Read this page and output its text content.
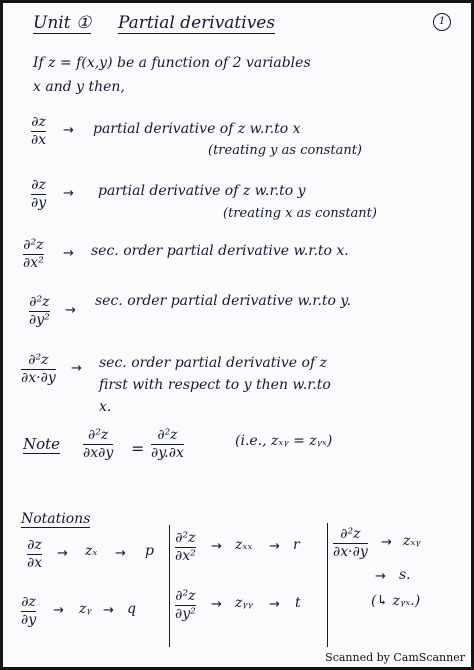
Unit ① Partial derivatives	1
If z = f(x,y) be a function of 2 variables
x and y then,
∂z
∂x
→ partial derivative of z w.r.to x
(treating y as constant)
∂z
∂y
→ partial derivative of z w.r.to y
(treating x as constant)
∂²z
∂x²
→ sec. order partial derivative w.r.to x.
∂²z
∂y²
→
sec. order partial derivative w.r.to y.
∂²z
∂x·∂y
→ sec. order partial derivative of z
first with respect to y then w.r.to
x.
Note ∂²z
∂x∂y =
∂²z
∂y.∂x
(i.e., zₓᵧ = zᵧₓ)
Notations
∂z
∂x
→ zₓ → p
∂z
∂y
→ zᵧ → q
∂²z
∂x²
→ zₓₓ → r
∂²z
∂y²
→ zᵧᵧ → t
∂²z
∂x·∂y
→ zₓᵧ
→ s.
(↳ zᵧₓ.)
Scanned by CamScanner
